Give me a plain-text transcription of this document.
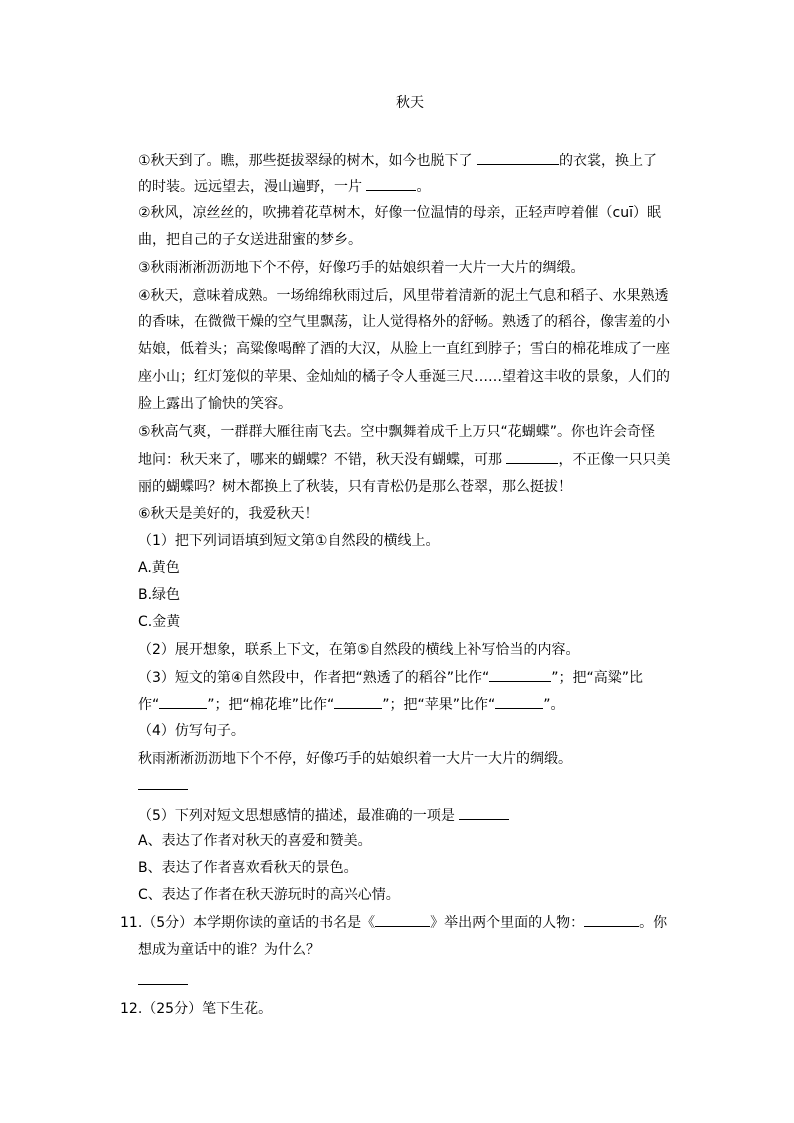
秋天
①秋天到了。瞧，那些挺拔翠绿的树木，如今也脱下了	的衣裳，换上了
的时装。远远望去，漫山遍野，一片	。
②秋风，凉丝丝的，吹拂着花草树木，好像一位温情的母亲，正轻声哼着催（cuī）眠
曲，把自己的子女送进甜蜜的梦乡。
③秋雨淅淅沥沥地下个不停，好像巧手的姑娘织着一大片一大片的绸缎。
④秋天，意味着成熟。一场绵绵秋雨过后，风里带着清新的泥土气息和稻子、水果熟透
的香味，在微微干燥的空气里飘荡，让人觉得格外的舒畅。熟透了的稻谷，像害羞的小
姑娘，低着头；高粱像喝醉了酒的大汉，从脸上一直红到脖子；雪白的棉花堆成了一座
座小山；红灯笼似的苹果、金灿灿的橘子令人垂涎三尺……望着这丰收的景象，人们的
脸上露出了愉快的笑容。
⑤秋高气爽，一群群大雁往南飞去。空中飘舞着成千上万只“花蝴蝶”。你也许会奇怪
地问：秋天来了，哪来的蝴蝶？不错，秋天没有蝴蝶，可那	，不正像一只只美
丽的蝴蝶吗？树木都换上了秋装，只有青松仍是那么苍翠，那么挺拔！
⑥秋天是美好的，我爱秋天！
（1）把下列词语填到短文第①自然段的横线上。
A.黄色
B.绿色
C.金黄
（2）展开想象，联系上下文，在第⑤自然段的横线上补写恰当的内容。
（3）短文的第④自然段中，作者把“熟透了的稻谷”比作“	”；把“高粱”比
作“	”；把“棉花堆”比作“	”；把“苹果”比作“	”。
（4）仿写句子。
秋雨淅淅沥沥地下个不停，好像巧手的姑娘织着一大片一大片的绸缎。
（5）下列对短文思想感情的描述，最准确的一项是
A、表达了作者对秋天的喜爱和赞美。
B、表达了作者喜欢看秋天的景色。
C、表达了作者在秋天游玩时的高兴心情。
11.（5分）本学期你读的童话的书名是《	》举出两个里面的人物：	。你
想成为童话中的谁？为什么？
12.（25分）笔下生花。
